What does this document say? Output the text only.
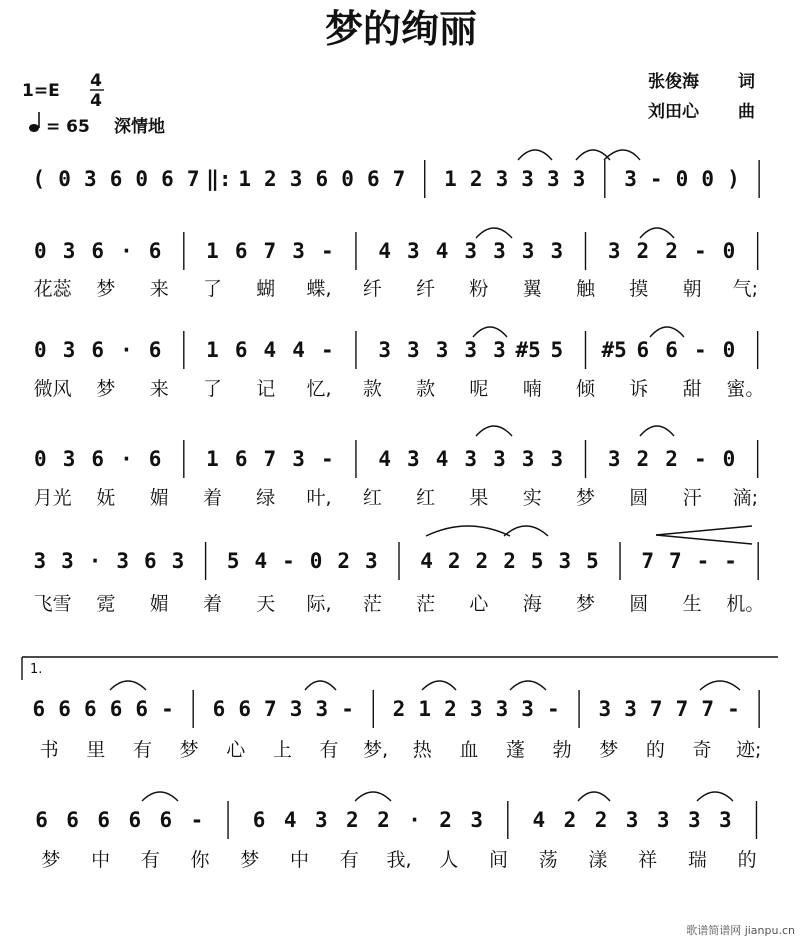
梦的绚丽
1=E 4
4
= 65 深情地
张俊海 词
刘田心 曲
1.
( 0 3 6 0 6 7 ‖: 1 2 3 6 0 6 7 1 2 3 3 3 3 3 - 0 0 )
0 3 6 · 6 1 6 7 3 - 4 3 4 3 3 3 3 3 2 2 - 0
花蕊 梦 来 了 蝴 蝶, 纤 纤 粉 翼 触 摸 朝 气;
0 3 6 · 6 1 6 4 4 - 3 3 3 3 3 #5 5 #5 6 6 - 0
微风 梦 来 了 记 忆, 款 款 呢 喃 倾 诉 甜 蜜。
0 3 6 · 6 1 6 7 3 - 4 3 4 3 3 3 3 3 2 2 - 0
月光 妩 媚 着 绿 叶, 红 红 果 实 梦 圆 汗 滴;
3 3 · 3 6 3 5 4 - 0 2 3 4 2 2 2 5 3 5 7 7 - -
飞雪 霓 媚 着 天 际, 茫 茫 心 海 梦 圆 生 机。
6 6 6 6 6 - 6 6 7 3 3 - 2 1 2 3 3 3 - 3 3 7 7 7 -
书 里 有 梦 心 上 有 梦, 热 血 蓬 勃 梦 的 奇 迹;
6 6 6 6 6 - 6 4 3 2 2 · 2 3 4 2 2 3 3 3 3
梦 中 有 你 梦 中 有 我, 人 间 荡 漾 祥 瑞 的
歌谱简谱网 jianpu.cn
